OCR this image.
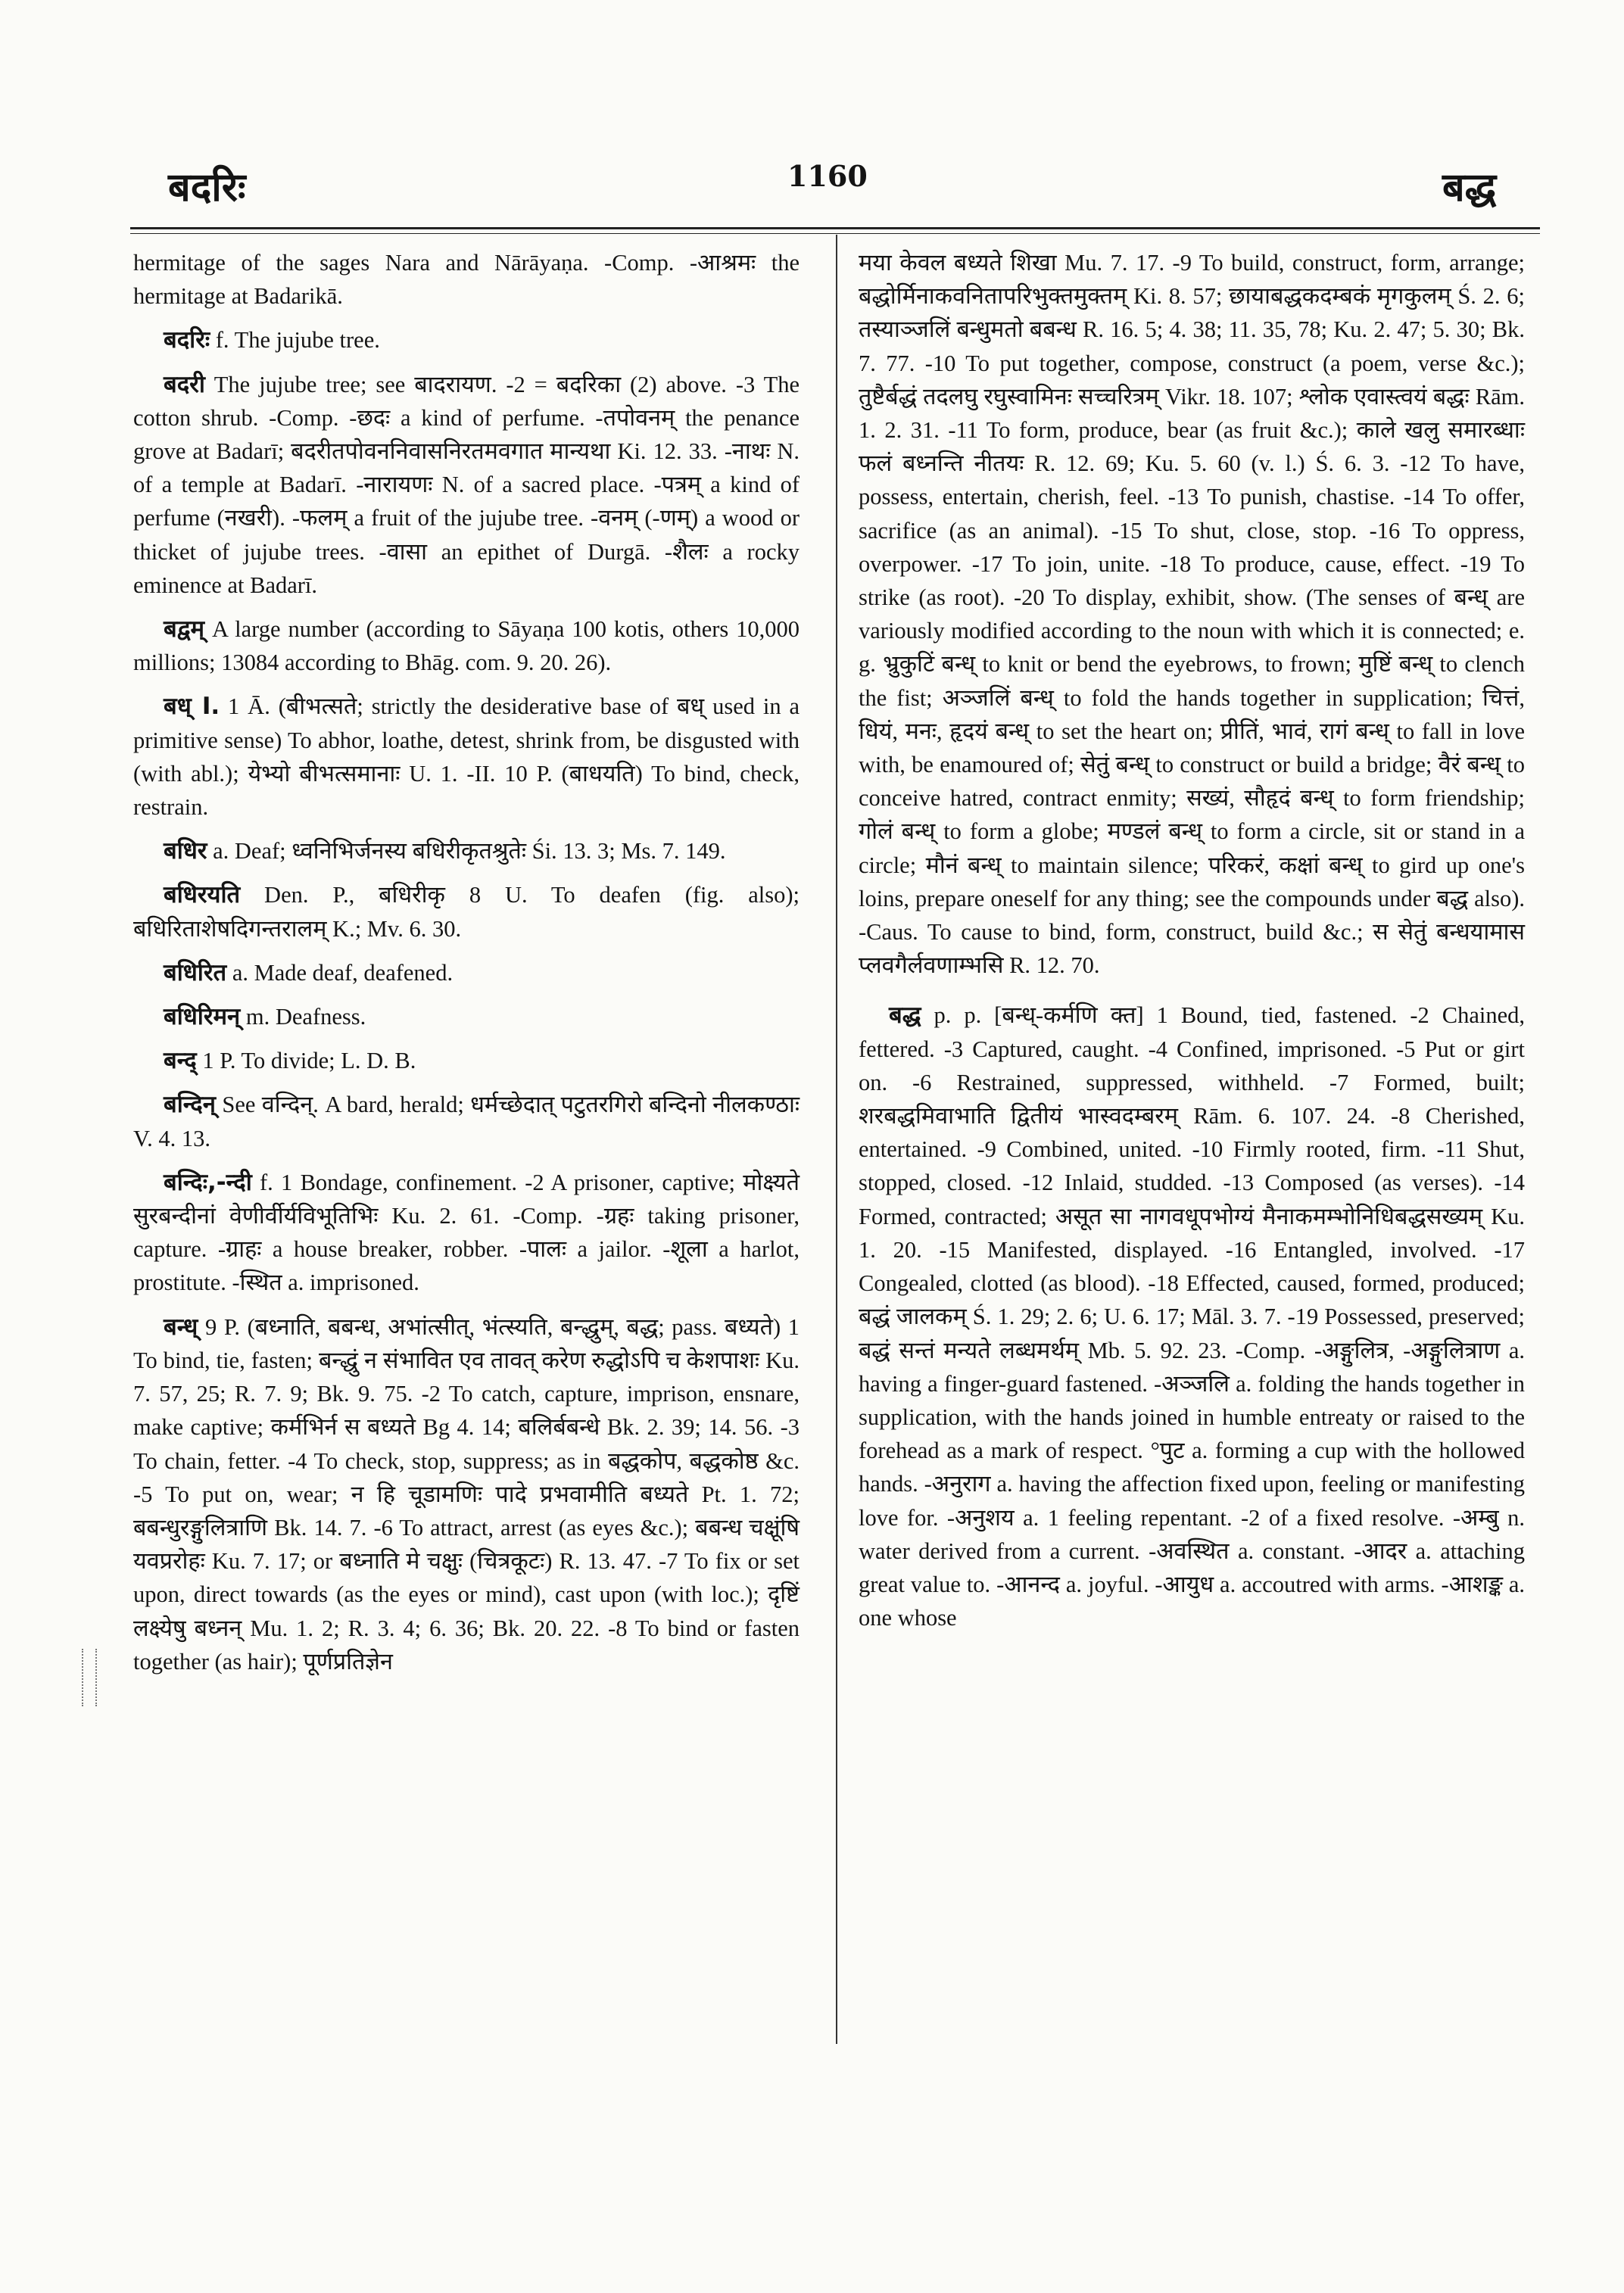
बदरिः	1160	बद्ध

hermitage of the sages Nara and Nārāyaṇa. -Comp. -आश्रमः the hermitage at Badarikā.

बदरिः f. The jujube tree.

बदरी The jujube tree; see बादरायण. -2 = बदरिका (2) above. -3 The cotton shrub. -Comp. -छदः a kind of perfume. -तपोवनम् the penance grove at Badarī; बदरीतपोवननिवासनिरतमवगात मान्यथा Ki. 12. 33. -नाथः N. of a temple at Badarī. -नारायणः N. of a sacred place. -पत्रम् a kind of perfume (नखरी). -फलम् a fruit of the jujube tree. -वनम् (-णम्) a wood or thicket of jujube trees. -वासा an epithet of Durgā. -शैलः a rocky eminence at Badarī.

बद्वम् A large number (according to Sāyaṇa 100 kotis, others 10,000 millions; 13084 according to Bhāg. com. 9. 20. 26).

बध् I. 1 Ā. (बीभत्सते; strictly the desiderative base of बध् used in a primitive sense) To abhor, loathe, detest, shrink from, be disgusted with (with abl.); येभ्यो बीभत्समानाः U. 1. -II. 10 P. (बाधयति) To bind, check, restrain.

बधिर a. Deaf; ध्वनिभिर्जनस्य बधिरीकृतश्रुतेः Śi. 13. 3; Ms. 7. 149.

बधिरयति Den. P., बधिरीकृ 8 U. To deafen (fig. also); बधिरिताशेषदिगन्तरालम् K.; Mv. 6. 30.

बधिरित a. Made deaf, deafened.

बधिरिमन् m. Deafness.

बन्द् 1 P. To divide; L. D. B.

बन्दिन् See वन्दिन्. A bard, herald; धर्मच्छेदात् पटुतरगिरो बन्दिनो नीलकण्ठाः V. 4. 13.

बन्दिः,-न्दी f. 1 Bondage, confinement. -2 A prisoner, captive; मोक्ष्यते सुरबन्दीनां वेणीर्वीर्यविभूतिभिः Ku. 2. 61. -Comp. -ग्रहः taking prisoner, capture. -ग्राहः a house breaker, robber. -पालः a jailor. -शूला a harlot, prostitute. -स्थित a. imprisoned.

बन्ध् 9 P. (बध्नाति, बबन्ध, अभांत्सीत्, भंत्स्यति, बन्द्धुम्, बद्ध; pass. बध्यते) 1 To bind, tie, fasten; बन्द्धुं न संभावित एव तावत् करेण रुद्धोऽपि च केशपाशः Ku. 7. 57, 25; R. 7. 9; Bk. 9. 75. -2 To catch, capture, imprison, ensnare, make captive; कर्मभिर्न स बध्यते Bg 4. 14; बलिर्बबन्धे Bk. 2. 39; 14. 56. -3 To chain, fetter. -4 To check, stop, suppress; as in बद्धकोप, बद्धकोष्ठ &c. -5 To put on, wear; न हि चूडामणिः पादे प्रभवामीति बध्यते Pt. 1. 72; बबन्धुरङ्गुलित्राणि Bk. 14. 7. -6 To attract, arrest (as eyes &c.); बबन्ध चक्षूंषि यवप्ररोहः Ku. 7. 17; or बध्नाति मे चक्षुः (चित्रकूटः) R. 13. 47. -7 To fix or set upon, direct towards (as the eyes or mind), cast upon (with loc.); दृष्टिं लक्ष्येषु बध्नन् Mu. 1. 2; R. 3. 4; 6. 36; Bk. 20. 22. -8 To bind or fasten together (as hair); पूर्णप्रतिज्ञेन

मया केवल बध्यते शिखा Mu. 7. 17. -9 To build, construct, form, arrange; बद्धोर्मिनाकवनितापरिभुक्तमुक्तम् Ki. 8. 57; छायाबद्धकदम्बकं मृगकुलम् Ś. 2. 6; तस्याञ्जलिं बन्धुमतो बबन्ध R. 16. 5; 4. 38; 11. 35, 78; Ku. 2. 47; 5. 30; Bk. 7. 77. -10 To put together, compose, construct (a poem, verse &c.); तुष्टैर्बद्धं तदलघु रघुस्वामिनः सच्चरित्रम् Vikr. 18. 107; श्लोक एवास्त्वयं बद्धः Rām. 1. 2. 31. -11 To form, produce, bear (as fruit &c.); काले खलु समारब्धाः फलं बध्नन्ति नीतयः R. 12. 69; Ku. 5. 60 (v. l.) Ś. 6. 3. -12 To have, possess, entertain, cherish, feel. -13 To punish, chastise. -14 To offer, sacrifice (as an animal). -15 To shut, close, stop. -16 To oppress, overpower. -17 To join, unite. -18 To produce, cause, effect. -19 To strike (as root). -20 To display, exhibit, show. (The senses of बन्ध् are variously modified according to the noun with which it is connected; e. g. भ्रुकुटिं बन्ध् to knit or bend the eyebrows, to frown; मुष्टिं बन्ध् to clench the fist; अञ्जलिं बन्ध् to fold the hands together in supplication; चित्तं, धियं, मनः, हृदयं बन्ध् to set the heart on; प्रीतिं, भावं, रागं बन्ध् to fall in love with, be enamoured of; सेतुं बन्ध् to construct or build a bridge; वैरं बन्ध् to conceive hatred, contract enmity; सख्यं, सौहृदं बन्ध् to form friendship; गोलं बन्ध् to form a globe; मण्डलं बन्ध् to form a circle, sit or stand in a circle; मौनं बन्ध् to maintain silence; परिकरं, कक्षां बन्ध् to gird up one's loins, prepare oneself for any thing; see the compounds under बद्ध also). -Caus. To cause to bind, form, construct, build &c.; स सेतुं बन्धयामास प्लवगैर्लवणाम्भसि R. 12. 70.

बद्ध p. p. [बन्ध्-कर्मणि क्त] 1 Bound, tied, fastened. -2 Chained, fettered. -3 Captured, caught. -4 Confined, imprisoned. -5 Put or girt on. -6 Restrained, suppressed, withheld. -7 Formed, built; शरबद्धमिवाभाति द्वितीयं भास्वदम्बरम् Rām. 6. 107. 24. -8 Cherished, entertained. -9 Combined, united. -10 Firmly rooted, firm. -11 Shut, stopped, closed. -12 Inlaid, studded. -13 Composed (as verses). -14 Formed, contracted; असूत सा नागवधूपभोग्यं मैनाकमम्भोनिधिबद्धसख्यम् Ku. 1. 20. -15 Manifested, displayed. -16 Entangled, involved. -17 Congealed, clotted (as blood). -18 Effected, caused, formed, produced; बद्धं जालकम् Ś. 1. 29; 2. 6; U. 6. 17; Māl. 3. 7. -19 Possessed, preserved; बद्धं सन्तं मन्यते लब्धमर्थम् Mb. 5. 92. 23. -Comp. -अङ्गुलित्र, -अङ्गुलित्राण a. having a finger-guard fastened. -अञ्जलि a. folding the hands together in supplication, with the hands joined in humble entreaty or raised to the forehead as a mark of respect. °पुट a. forming a cup with the hollowed hands. -अनुराग a. having the affection fixed upon, feeling or manifesting love for. -अनुशय a. 1 feeling repentant. -2 of a fixed resolve. -अम्बु n. water derived from a current. -अवस्थित a. constant. -आदर a. attaching great value to. -आनन्द a. joyful. -आयुध a. accoutred with arms. -आशङ्क a. one whose
